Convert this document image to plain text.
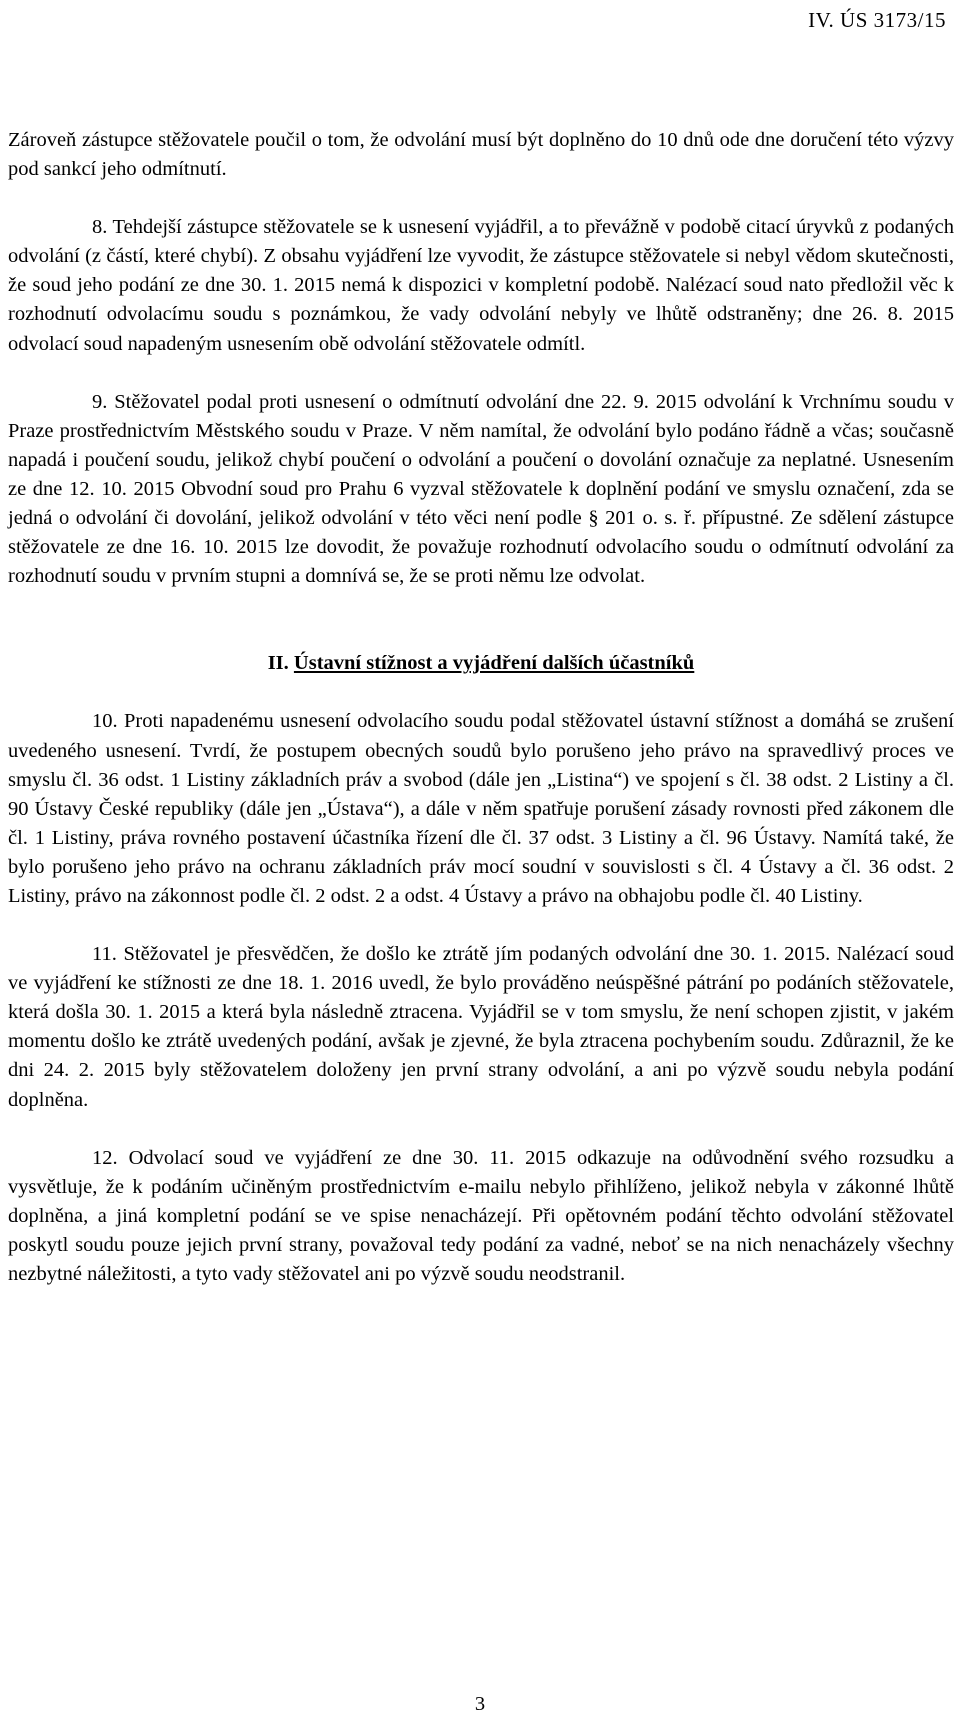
IV. ÚS 3173/15

Zároveň zástupce stěžovatele poučil o tom, že odvolání musí být doplněno do 10 dnů ode dne doručení této výzvy pod sankcí jeho odmítnutí.

8. Tehdejší zástupce stěžovatele se k usnesení vyjádřil, a to převážně v podobě citací úryvků z podaných odvolání (z částí, které chybí). Z obsahu vyjádření lze vyvodit, že zástupce stěžovatele si nebyl vědom skutečnosti, že soud jeho podání ze dne 30. 1. 2015 nemá k dispozici v kompletní podobě. Nalézací soud nato předložil věc k rozhodnutí odvolacímu soudu s poznámkou, že vady odvolání nebyly ve lhůtě odstraněny; dne 26. 8. 2015 odvolací soud napadeným usnesením obě odvolání stěžovatele odmítl.

9. Stěžovatel podal proti usnesení o odmítnutí odvolání dne 22. 9. 2015 odvolání k Vrchnímu soudu v Praze prostřednictvím Městského soudu v Praze. V něm namítal, že odvolání bylo podáno řádně a včas; současně napadá i poučení soudu, jelikož chybí poučení o odvolání a poučení o dovolání označuje za neplatné. Usnesením ze dne 12. 10. 2015 Obvodní soud pro Prahu 6 vyzval stěžovatele k doplnění podání ve smyslu označení, zda se jedná o odvolání či dovolání, jelikož odvolání v této věci není podle § 201 o. s. ř. přípustné. Ze sdělení zástupce stěžovatele ze dne 16. 10. 2015 lze dovodit, že považuje rozhodnutí odvolacího soudu o odmítnutí odvolání za rozhodnutí soudu v prvním stupni a domnívá se, že se proti němu lze odvolat.

II. Ústavní stížnost a vyjádření dalších účastníků

10. Proti napadenému usnesení odvolacího soudu podal stěžovatel ústavní stížnost a domáhá se zrušení uvedeného usnesení. Tvrdí, že postupem obecných soudů bylo porušeno jeho právo na spravedlivý proces ve smyslu čl. 36 odst. 1 Listiny základních práv a svobod (dále jen „Listina“) ve spojení s čl. 38 odst. 2 Listiny a čl. 90 Ústavy České republiky (dále jen „Ústava“), a dále v něm spatřuje porušení zásady rovnosti před zákonem dle čl. 1 Listiny, práva rovného postavení účastníka řízení dle čl. 37 odst. 3 Listiny a čl. 96 Ústavy. Namítá také, že bylo porušeno jeho právo na ochranu základních práv mocí soudní v souvislosti s čl. 4 Ústavy a čl. 36 odst. 2 Listiny, právo na zákonnost podle čl. 2 odst. 2 a odst. 4 Ústavy a právo na obhajobu podle čl. 40 Listiny.

11. Stěžovatel je přesvědčen, že došlo ke ztrátě jím podaných odvolání dne 30. 1. 2015. Nalézací soud ve vyjádření ke stížnosti ze dne 18. 1. 2016 uvedl, že bylo prováděno neúspěšné pátrání po podáních stěžovatele, která došla 30. 1. 2015 a která byla následně ztracena. Vyjádřil se v tom smyslu, že není schopen zjistit, v jakém momentu došlo ke ztrátě uvedených podání, avšak je zjevné, že byla ztracena pochybením soudu. Zdůraznil, že ke dni 24. 2. 2015 byly stěžovatelem doloženy jen první strany odvolání, a ani po výzvě soudu nebyla podání doplněna.

12. Odvolací soud ve vyjádření ze dne 30. 11. 2015 odkazuje na odůvodnění svého rozsudku a vysvětluje, že k podáním učiněným prostřednictvím e-mailu nebylo přihlíženo, jelikož nebyla v zákonné lhůtě doplněna, a jiná kompletní podání se ve spise nenacházejí. Při opětovném podání těchto odvolání stěžovatel poskytl soudu pouze jejich první strany, považoval tedy podání za vadné, neboť se na nich nenacházely všechny nezbytné náležitosti, a tyto vady stěžovatel ani po výzvě soudu neodstranil.

3
